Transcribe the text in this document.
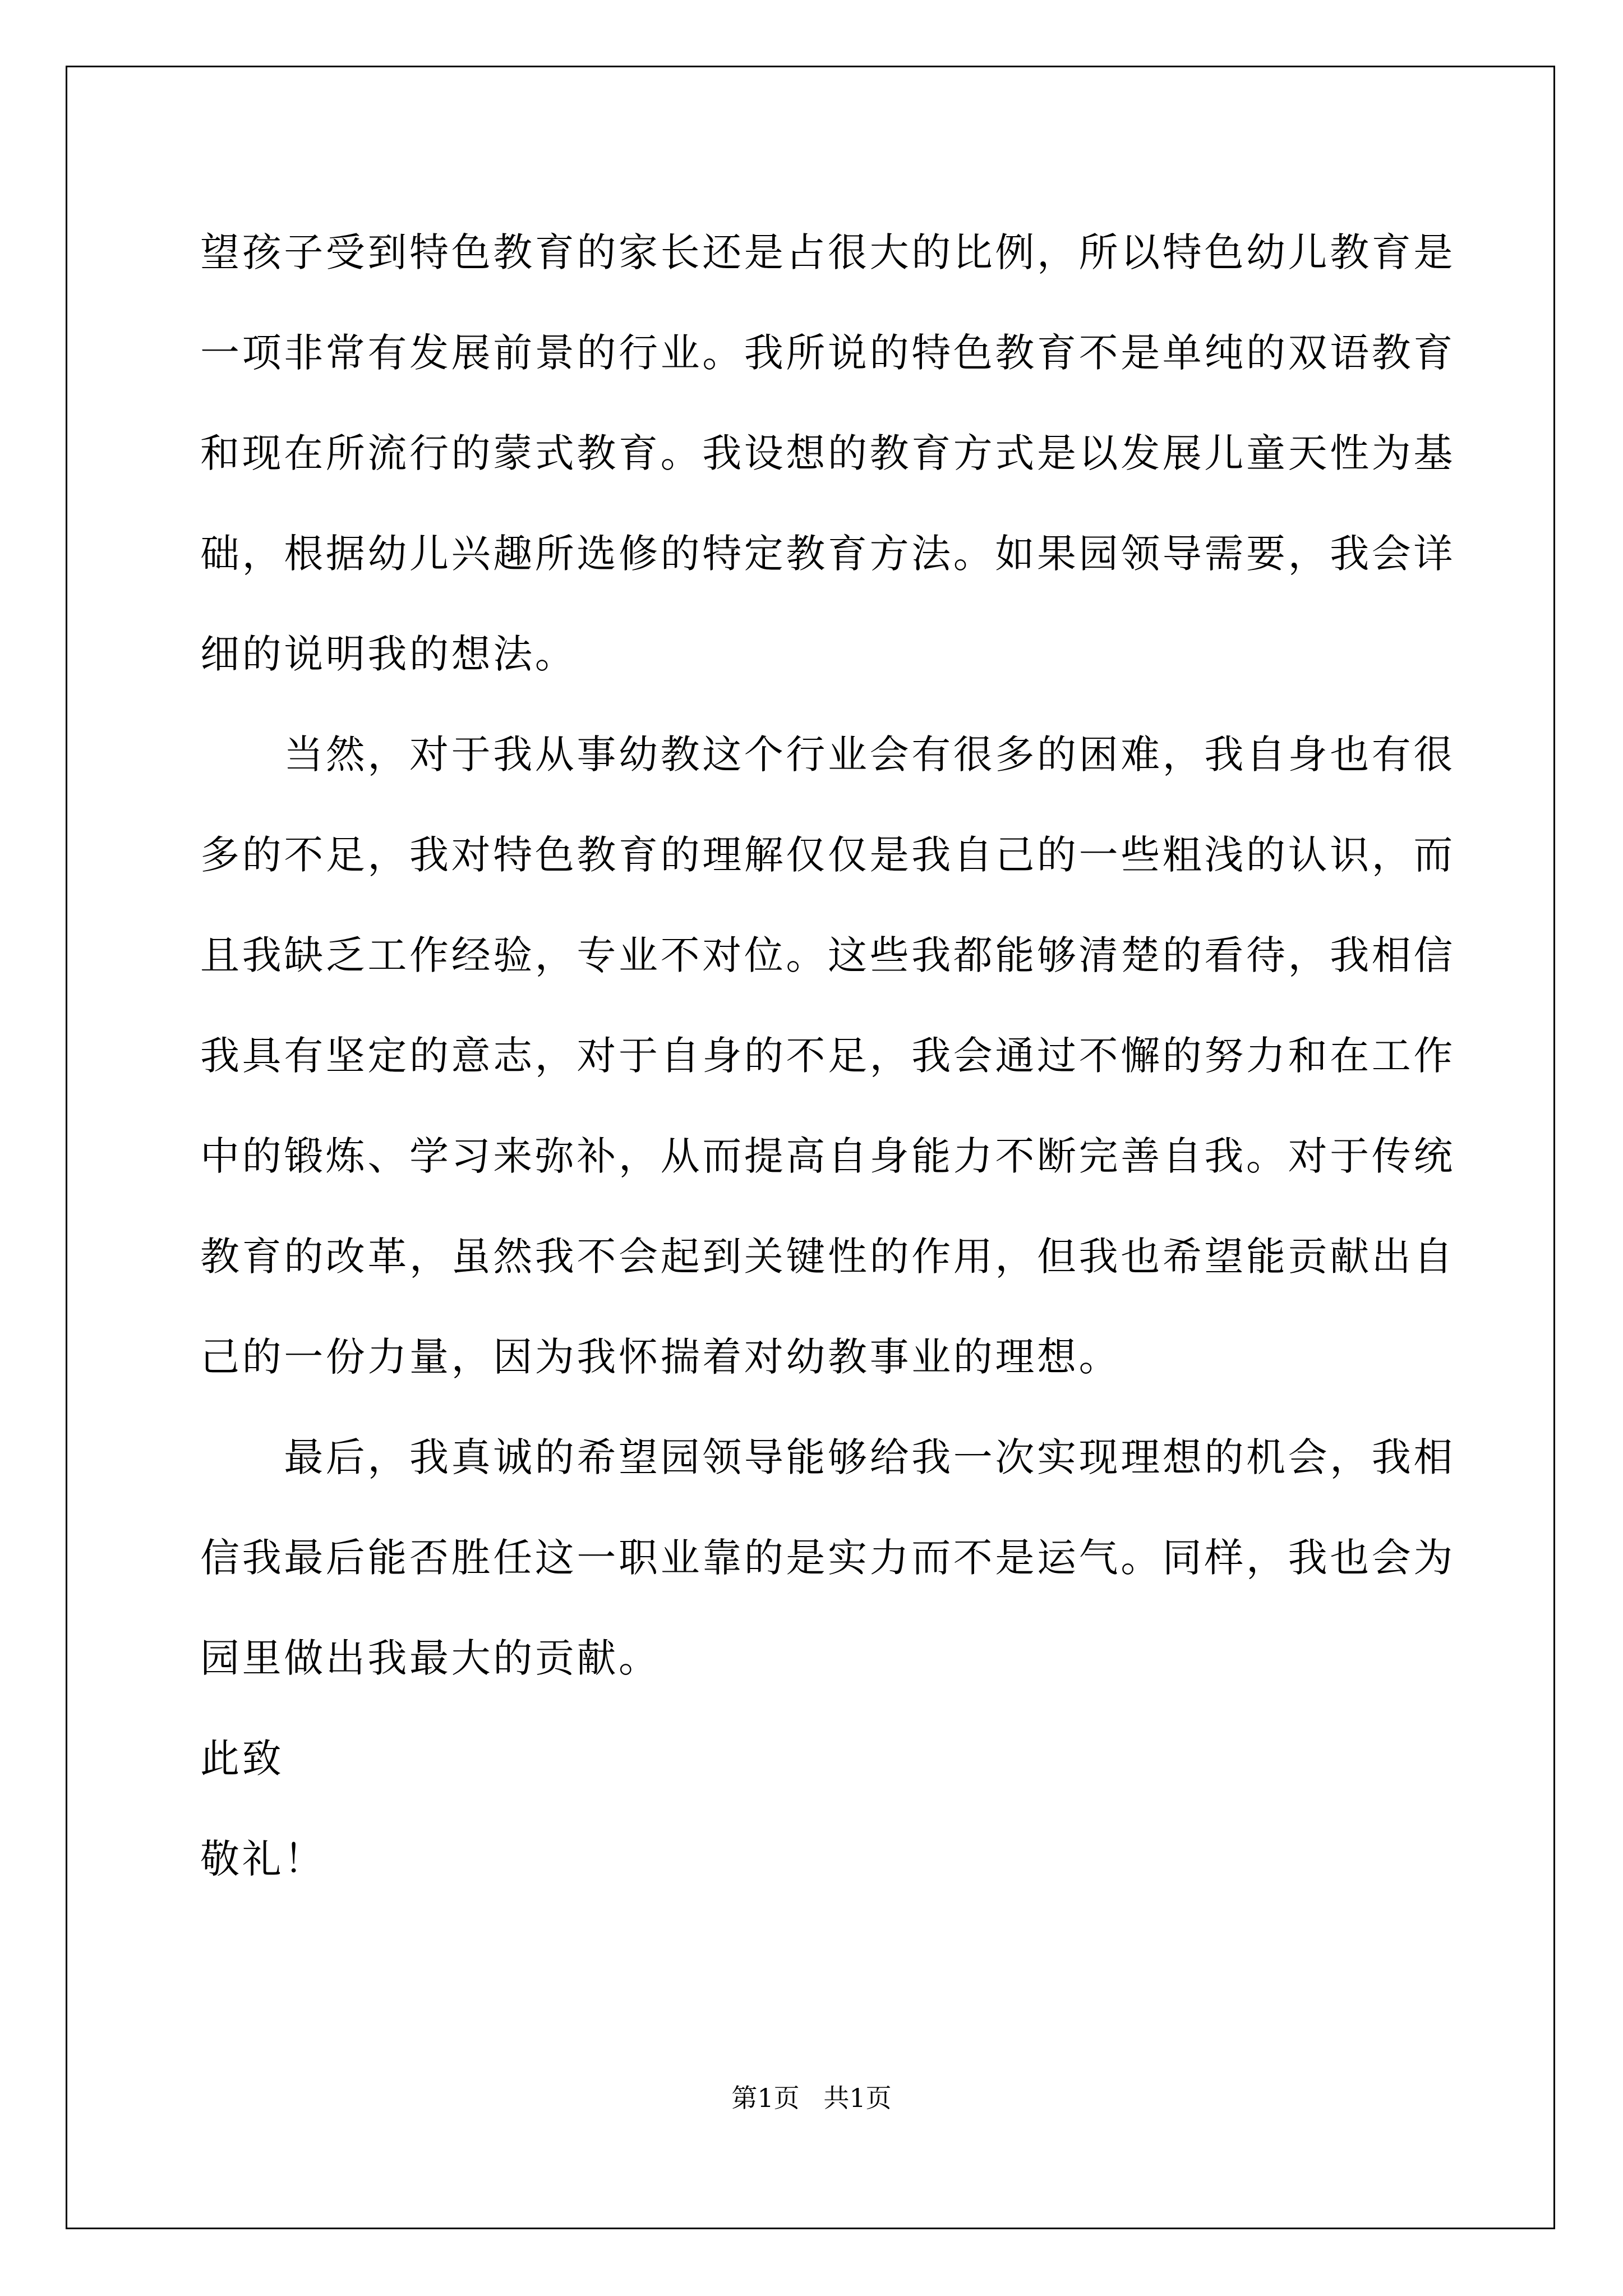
望孩子受到特色教育的家长还是占很大的比例，所以特色幼儿教育是
一项非常有发展前景的行业。我所说的特色教育不是单纯的双语教育
和现在所流行的蒙式教育。我设想的教育方式是以发展儿童天性为基
础，根据幼儿兴趣所选修的特定教育方法。如果园领导需要，我会详
细的说明我的想法。
　　当然，对于我从事幼教这个行业会有很多的困难，我自身也有很
多的不足，我对特色教育的理解仅仅是我自己的一些粗浅的认识，而
且我缺乏工作经验，专业不对位。这些我都能够清楚的看待，我相信
我具有坚定的意志，对于自身的不足，我会通过不懈的努力和在工作
中的锻炼、学习来弥补，从而提高自身能力不断完善自我。对于传统
教育的改革，虽然我不会起到关键性的作用，但我也希望能贡献出自
己的一份力量，因为我怀揣着对幼教事业的理想。
　　最后，我真诚的希望园领导能够给我一次实现理想的机会，我相
信我最后能否胜任这一职业靠的是实力而不是运气。同样，我也会为
园里做出我最大的贡献。
此致
敬礼！
第1页 共1页
